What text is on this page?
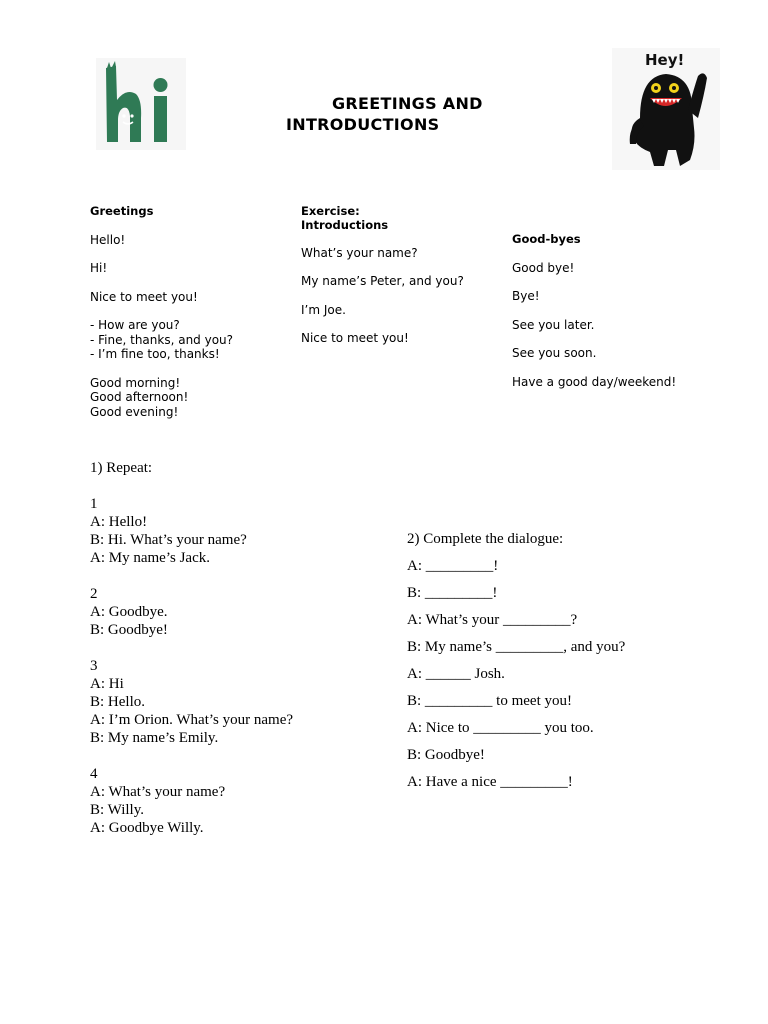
GREETINGS AND
INTRODUCTIONS
Hey!

Greetings

Hello!

Hi!

Nice to meet you!

- How are you?

- Fine, thanks, and you?

- I’m fine too, thanks!

Good morning!

Good afternoon!

Good evening!

Exercise:

Introductions

What’s your name?

My name’s Peter, and you?

I’m Joe.

Nice to meet you!

Good-byes

Good bye!

Bye!

See you later.

See you soon.

Have a good day/weekend!

1) Repeat:

1

A: Hello!

B: Hi. What’s your name?

A: My name’s Jack.

2

A: Goodbye.

B: Goodbye!

3

A: Hi

B: Hello.

A: I’m Orion. What’s your name?

B: My name’s Emily.

4

A: What’s your name?

B: Willy.

A: Goodbye Willy.

2) Complete the dialogue:

A: _________!

B: _________!

A: What’s your _________?

B: My name’s _________, and you?

A: ______ Josh.

B: _________ to meet you!

A: Nice to _________ you too.

B: Goodbye!

A: Have a nice _________!
